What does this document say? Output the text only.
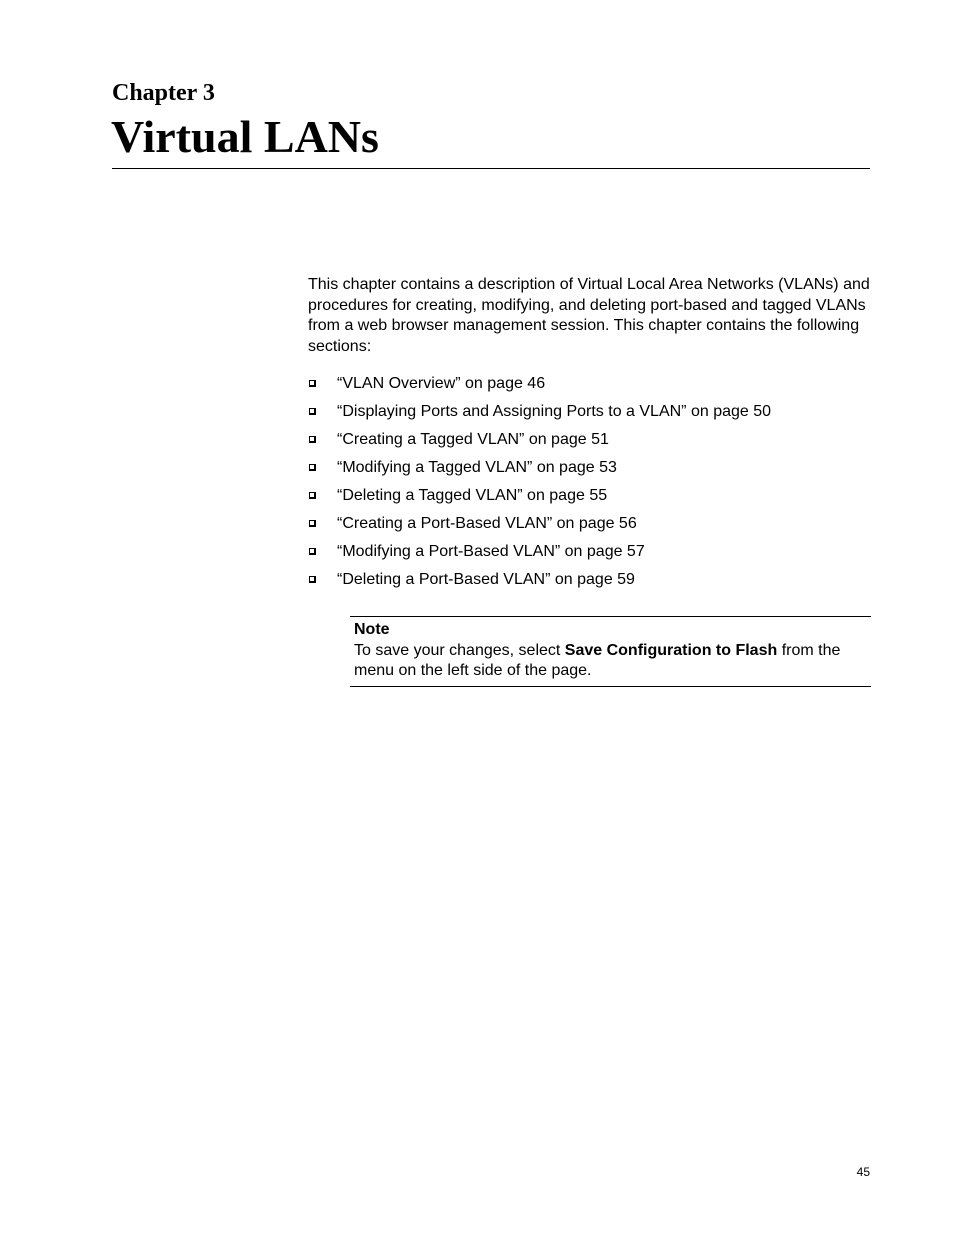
Chapter 3
Virtual LANs

This chapter contains a description of Virtual Local Area Networks (VLANs) and procedures for creating, modifying, and deleting port-based and tagged VLANs from a web browser management session. This chapter contains the following sections:

“VLAN Overview” on page 46
“Displaying Ports and Assigning Ports to a VLAN” on page 50
“Creating a Tagged VLAN” on page 51
“Modifying a Tagged VLAN” on page 53
“Deleting a Tagged VLAN” on page 55
“Creating a Port-Based VLAN” on page 56
“Modifying a Port-Based VLAN” on page 57
“Deleting a Port-Based VLAN” on page 59
Note
To save your changes, select Save Configuration to Flash from the menu on the left side of the page.
45
